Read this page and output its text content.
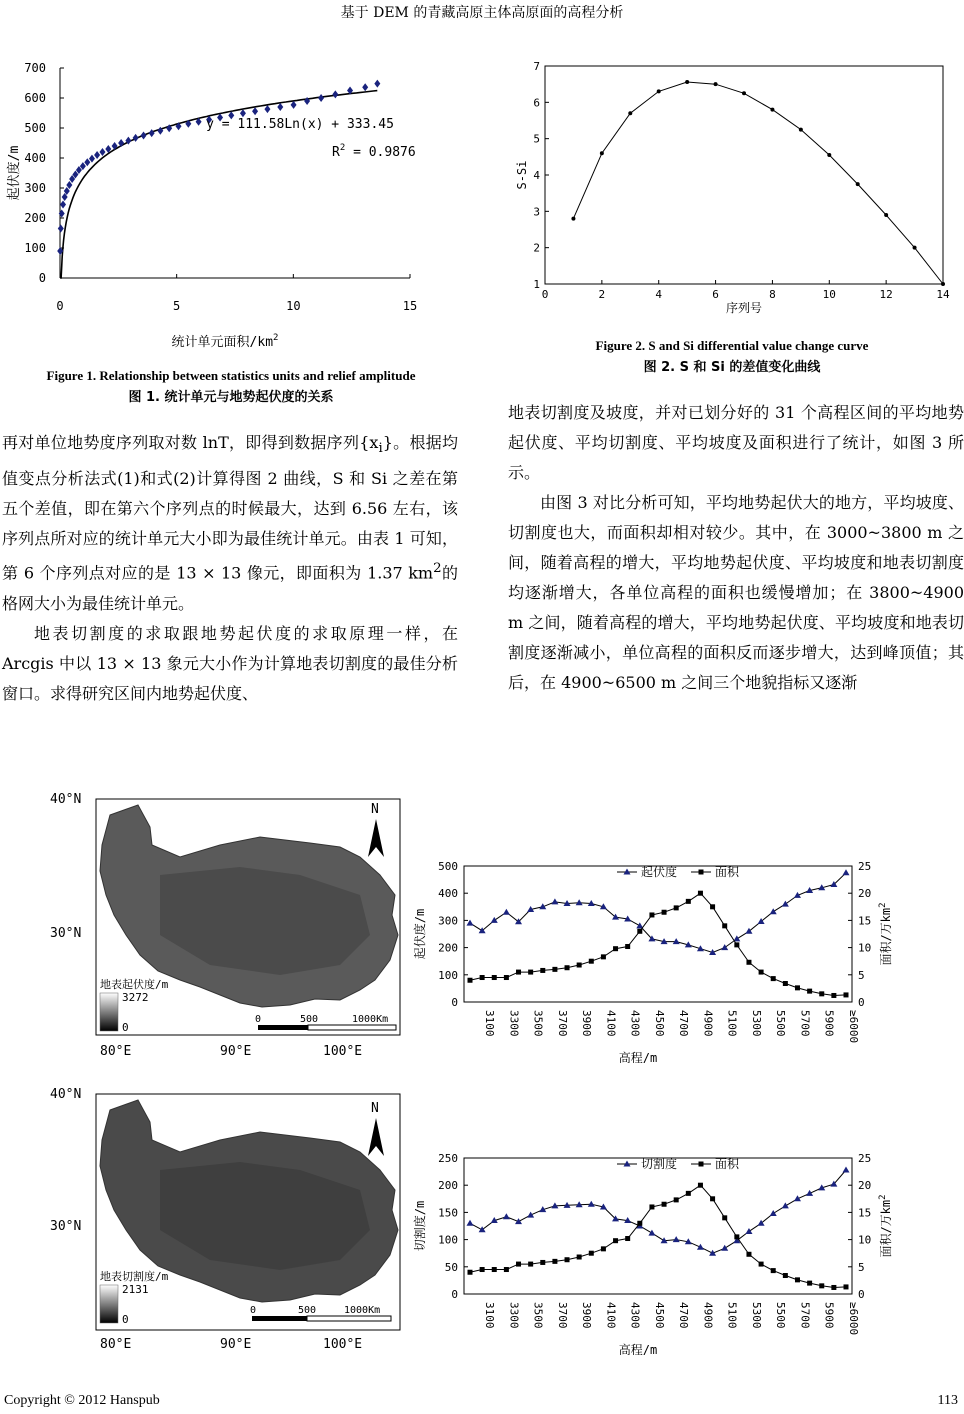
基于 DEM 的青藏高原主体高原面的高程分析
0
100
200
300
400
500
600
700
0	5	10	15
y = 111.58Ln(x) + 333.45
$R^2 = 0.9876$
起伏度/m
统计单元面积$/km^2$
Figure 1. Relationship between statistics units and relief amplitude
图 1. 统计单元与地势起伏度的关系
1
2
3
4
5
6
7
0	2	4	6	8	10	12	14
S-Si
序列号
Figure 2. S and Si differential value change curve
图 2. S 和 Si 的差值变化曲线

再对单位地势度序列取对数 lnT，即得到数据序列$\{x_i\}$。根据均值变点分析法式(1)和式(2)计算得图 2 曲线，S 和 Si 之差在第五个差值，即在第六个序列点的时候最大，达到 6.56 左右，该序列点所对应的统计单元大小即为最佳统计单元。由表 1 可知，第 6 个序列点对应的是 13 × 13 像元，即面积为 1.37 $km^2$的格网大小为最佳统计单元。

地表切割度的求取跟地势起伏度的求取原理一样，在 Arcgis 中以 13 × 13 象元大小作为计算地表切割度的最佳分析窗口。求得研究区间内地势起伏度、

地表切割度及坡度，并对已划分好的 31 个高程区间的平均地势起伏度、平均切割度、平均坡度及面积进行了统计，如图 3 所示。

由图 3 对比分析可知，平均地势起伏大的地方，平均坡度、切割度也大，而面积却相对较少。其中，在 3000~3800 m 之间，随着高程的增大，平均地势起伏度、平均坡度和地表切割度均逐渐增大，各单位高程的面积也缓慢增加；在 3800~4900 m 之间，随着高程的增大，平均地势起伏度、平均坡度和地表切割度逐渐减小，单位高程的面积反而逐步增大，达到峰顶值；其后，在 4900~6500 m 之间三个地貌指标又逐渐

40°N
30°N
80°E	90°E	100°E
N
地表起伏度/m
3272
0
0	500	1000Km
40°N
30°N
80°E	90°E	100°E
N
地表切割度/m
2131
0
0	500	1000Km
0
100
200
300
400
500
0
5
10
15
20
25
3100 3300 3500 3700 3900 4100 4300 4500 4700 4900 5100 5300 5500 5700 5900 ≥6000
起伏度	面积
起伏度/m	面积/万$km^2$
高程/m
0
50
100
150
200
250
0
5
10
15
20
25
3100 3300 3500 3700 3900 4100 4300 4500 4700 4900 5100 5300 5500 5700 5900 ≥6000
切割度	面积
切割度/m	面积/万$km^2$
高程/m
Copyright © 2012 Hanspub	113
